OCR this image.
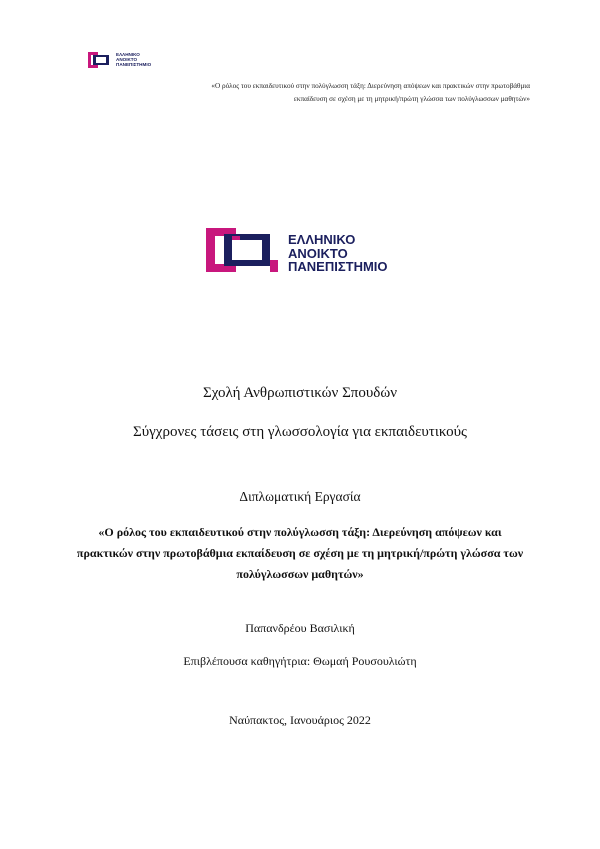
ΕΛΛΗΝΙΚΟ
ΑΝΟΙΚΤΟ
ΠΑΝΕΠΙΣΤΗΜΙΟ
«Ο ρόλος του εκπαιδευτικού στην πολύγλωσση τάξη: Διερεύνηση απόψεων και πρακτικών στην πρωτοβάθμια
εκπαίδευση σε σχέση με τη μητρική/πρώτη γλώσσα των πολύγλωσσων μαθητών»
ΕΛΛΗΝΙΚΟ
ΑΝΟΙΚΤΟ
ΠΑΝΕΠΙΣΤΗΜΙΟ
Σχολή Ανθρωπιστικών Σπουδών
Σύγχρονες τάσεις στη γλωσσολογία για εκπαιδευτικούς
Διπλωματική Εργασία
«Ο ρόλος του εκπαιδευτικού στην πολύγλωσση τάξη: Διερεύνηση απόψεων και
πρακτικών στην πρωτοβάθμια εκπαίδευση σε σχέση με τη μητρική/πρώτη γλώσσα των
πολύγλωσσων μαθητών»
Παπανδρέου Βασιλική
Επιβλέπουσα καθηγήτρια: Θωμαή Ρουσουλιώτη
Ναύπακτος, Ιανουάριος 2022
